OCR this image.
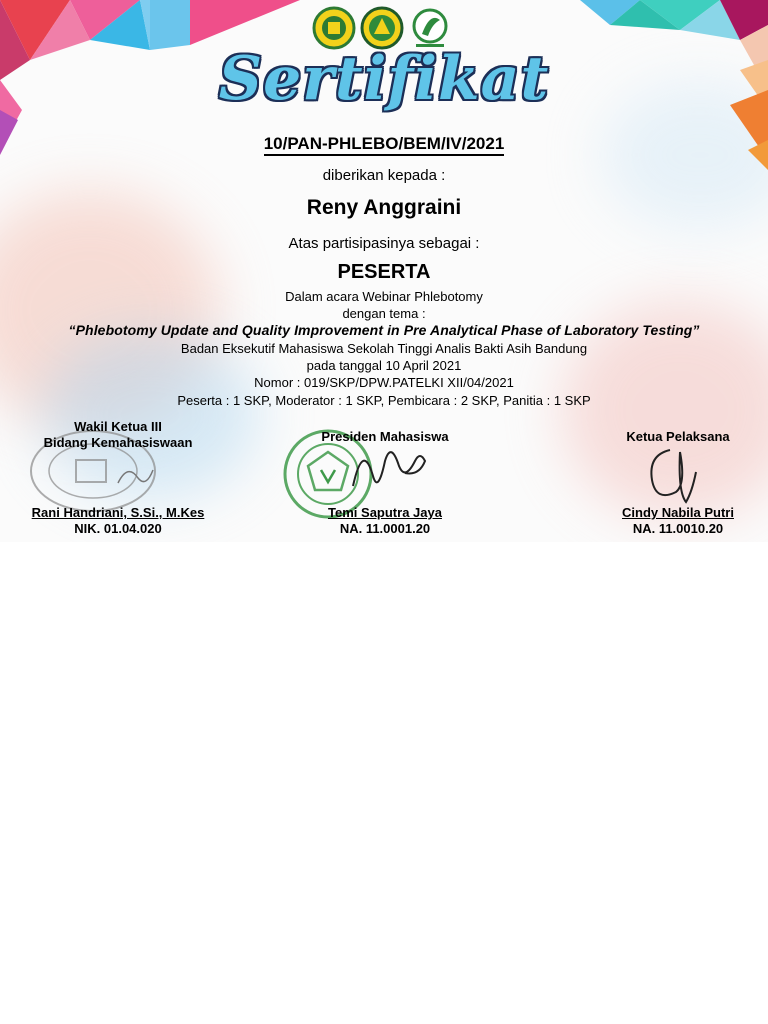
Sertifikat
10/PAN-PHLEBO/BEM/IV/2021
diberikan kepada :
Reny Anggraini
Atas partisipasinya sebagai :
PESERTA
Dalam acara Webinar Phlebotomy
dengan tema :
“Phlebotomy Update and Quality Improvement in Pre Analytical Phase of Laboratory Testing”
Badan Eksekutif Mahasiswa Sekolah Tinggi Analis Bakti Asih Bandung
pada tanggal 10 April 2021
Nomor : 019/SKP/DPW.PATELKI XII/04/2021
Peserta : 1 SKP, Moderator : 1 SKP, Pembicara : 2 SKP, Panitia : 1 SKP
Wakil Ketua III
Bidang Kemahasiswaan
Rani Handriani, S.Si., M.Kes
NIK. 01.04.020
Presiden Mahasiswa
Temi Saputra Jaya
NA. 11.0001.20
Ketua Pelaksana
Cindy Nabila Putri
NA. 11.0010.20
